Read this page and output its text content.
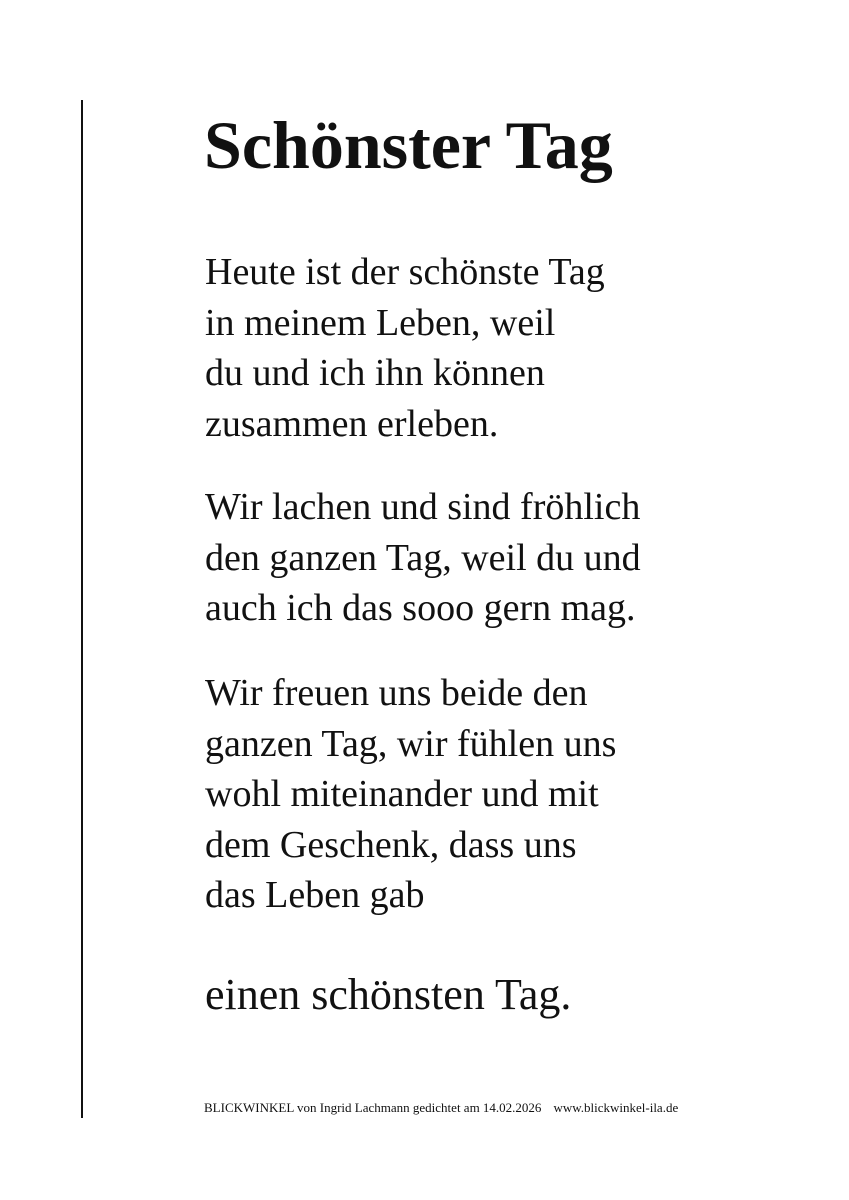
Schönster Tag
Heute ist der schönste Tag
in meinem Leben, weil
du und ich ihn können
zusammen erleben.
Wir lachen und sind fröhlich
den ganzen Tag, weil du und
auch ich das sooo gern mag.
Wir freuen uns beide den
ganzen Tag, wir fühlen uns
wohl miteinander und mit
dem Geschenk, dass uns
das Leben gab
einen schönsten Tag.
BLICKWINKEL von Ingrid Lachmann gedichtet am 14.02.2026 www.blickwinkel-ila.de
